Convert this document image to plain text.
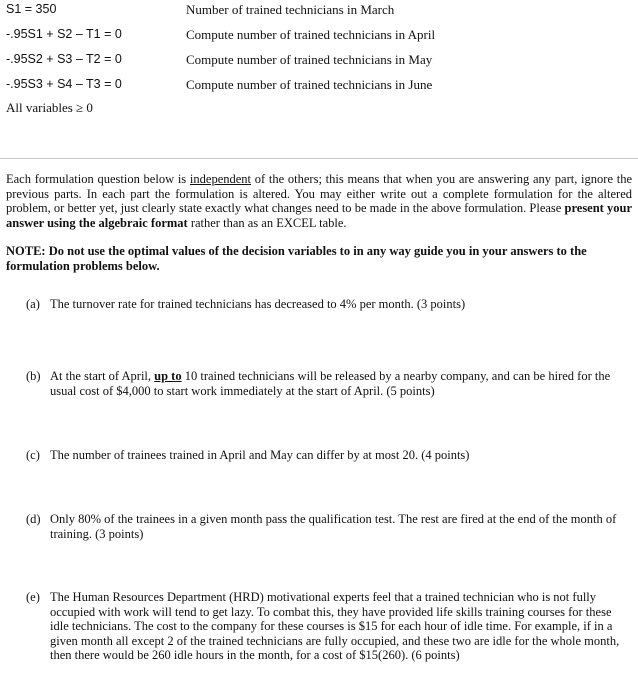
S1 = 350	Number of trained technicians in March
-.95S1 + S2 – T1 = 0	Compute number of trained technicians in April
-.95S2 + S3 – T2 = 0	Compute number of trained technicians in May
-.95S3 + S4 – T3 = 0	Compute number of trained technicians in June
All variables ≥ 0
Each formulation question below is independent of the others; this means that when you are answering any part, ignore the previous parts. In each part the formulation is altered. You may either write out a complete formulation for the altered problem, or better yet, just clearly state exactly what changes need to be made in the above formulation. Please present your answer using the algebraic format rather than as an EXCEL table.
NOTE: Do not use the optimal values of the decision variables to in any way guide you in your answers to the formulation problems below.
(a) The turnover rate for trained technicians has decreased to 4% per month. (3 points)
(b) At the start of April, up to 10 trained technicians will be released by a nearby company, and can be hired for the usual cost of $4,000 to start work immediately at the start of April. (5 points)
(c) The number of trainees trained in April and May can differ by at most 20. (4 points)
(d) Only 80% of the trainees in a given month pass the qualification test. The rest are fired at the end of the month of training. (3 points)
(e) The Human Resources Department (HRD) motivational experts feel that a trained technician who is not fully occupied with work will tend to get lazy. To combat this, they have provided life skills training courses for these idle technicians. The cost to the company for these courses is $15 for each hour of idle time. For example, if in a given month all except 2 of the trained technicians are fully occupied, and these two are idle for the whole month, then there would be 260 idle hours in the month, for a cost of $15(260). (6 points)
